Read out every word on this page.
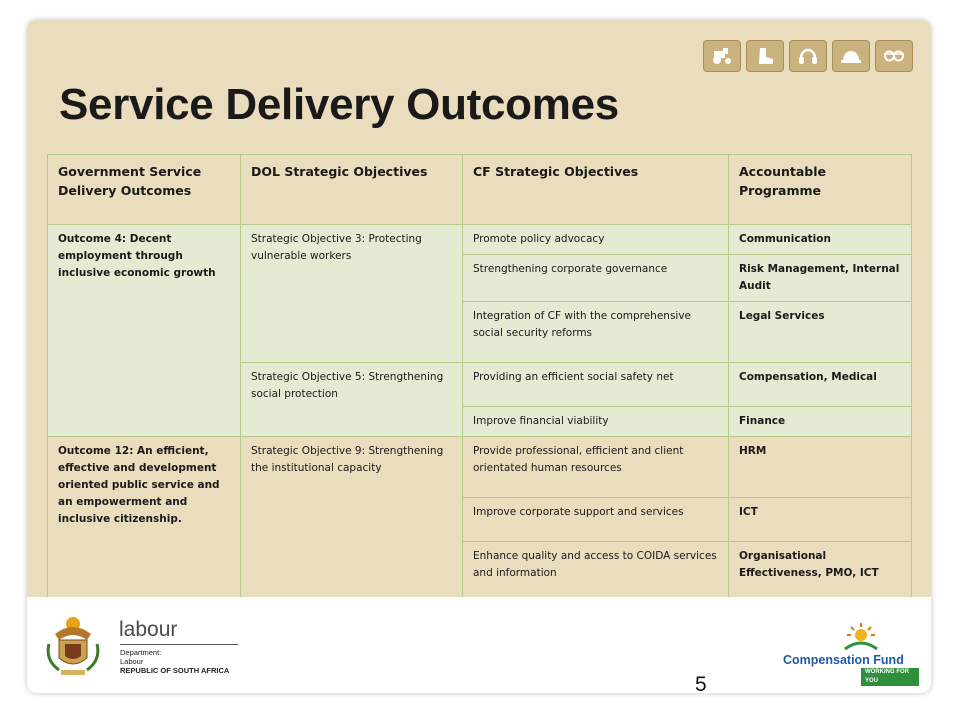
Service Delivery Outcomes
Government Service Delivery Outcomes	DOL Strategic Objectives	CF Strategic Objectives	Accountable Programme
Outcome 4: Decent employment through inclusive economic growth	Strategic Objective 3: Protecting vulnerable workers	Promote policy advocacy	Communication
		Strengthening corporate governance	Risk Management, Internal Audit
		Integration of CF with the comprehensive social security reforms	Legal Services
	Strategic Objective 5: Strengthening social protection	Providing an efficient social safety net	Compensation, Medical
		Improve financial viability	Finance
Outcome 12: An efficient, effective and development oriented public service and an empowerment and inclusive citizenship.	Strategic Objective 9: Strengthening the institutional capacity	Provide professional, efficient and client orientated human resources	HRM
		Improve corporate support and services	ICT
		Enhance quality and access to COIDA services and information	Organisational Effectiveness, PMO, ICT
labour
Department:
Labour
REPUBLIC OF SOUTH AFRICA
Compensation Fund
WORKING FOR YOU
5
